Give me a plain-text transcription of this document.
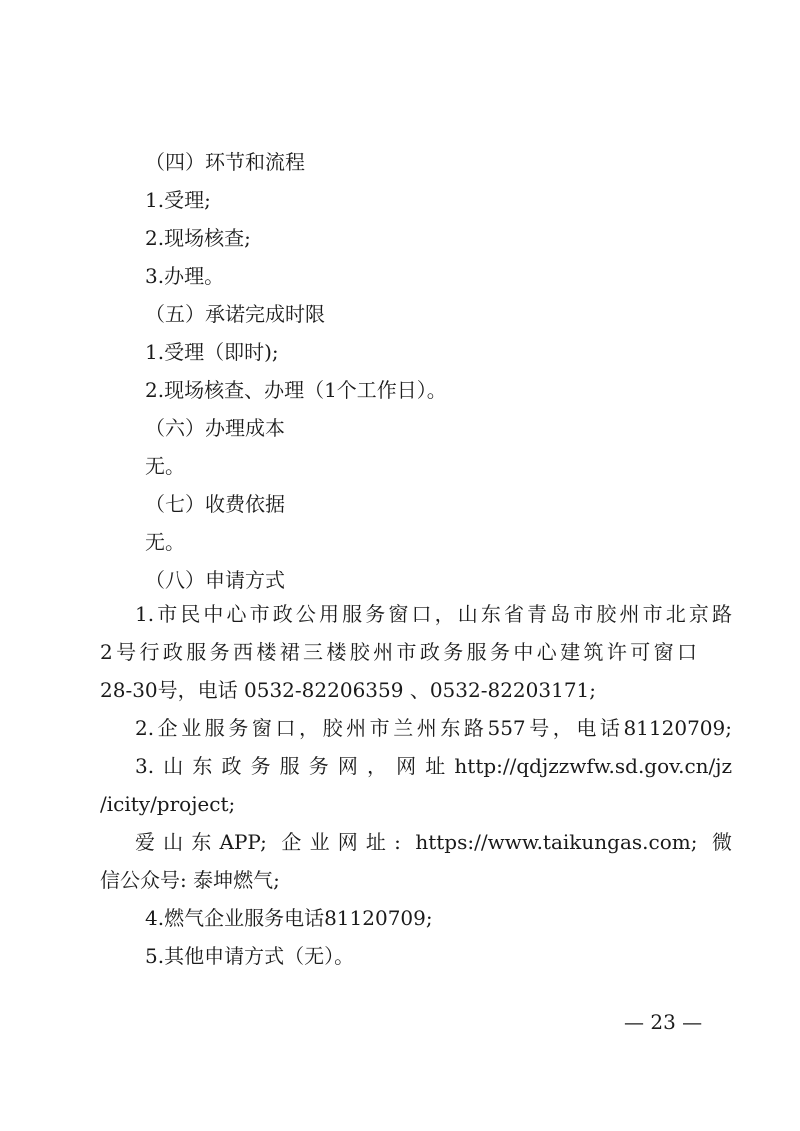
（四）环节和流程
1.受理;
2.现场核查;
3.办理。
（五）承诺完成时限
1.受理（即时);
2.现场核查、办理（1个工作日）。
（六）办理成本
无。
（七）收费依据
无。
（八）申请方式
1.市民中心市政公用服务窗口，山东省青岛市胶州市北京路
2号行政服务西楼裙三楼胶州市政务服务中心建筑许可窗口
28-30号，电话 0532-82206359 、0532-82203171;
2.企业服务窗口，胶州市兰州东路557号，电话81120709;
3.山东政务服务网，网址http://qdjzzwfw.sd.gov.cn/jz
/icity/project;
爱山东APP; 企业网址: https://www.taikungas.com; 微
信公众号: 泰坤燃气;
4.燃气企业服务电话81120709;
5.其他申请方式（无）。
— 23 —
